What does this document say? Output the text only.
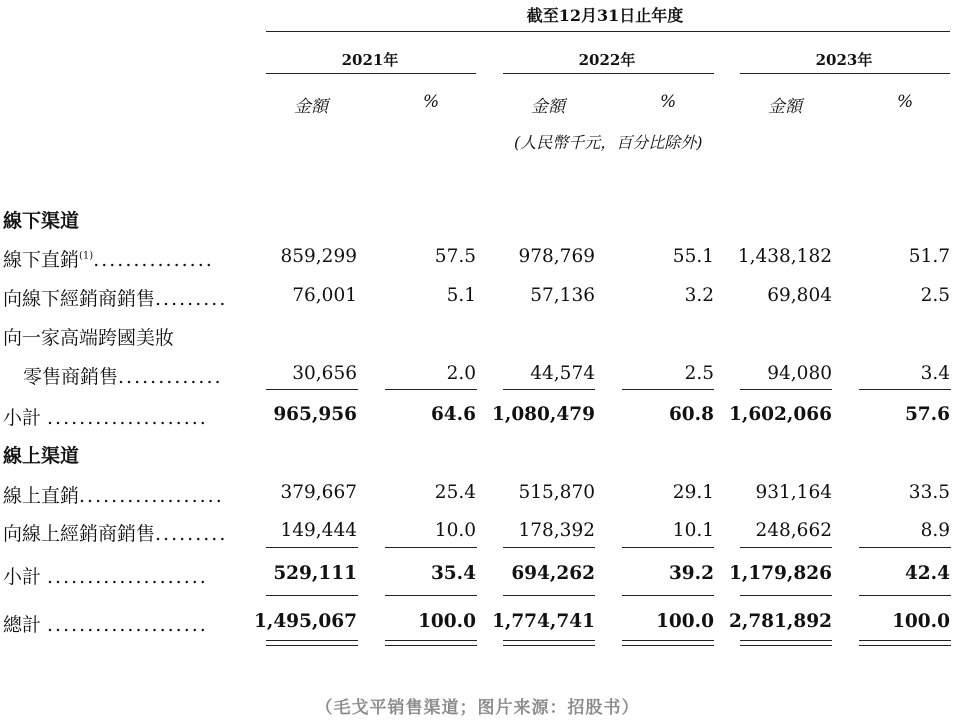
截至12月31日止年度
2021年	2022年	2023年
金額	%	金額	%	金額	%
(人民幣千元，百分比除外)
線下渠道
線下直銷$^{(1)}$...............	859,299	57.5 978,769	55.1 1,438,182	51.7
向線下經銷商銷售.........	76,001	5.1	57,136	3.2	69,804	2.5
向一家高端跨國美妝
零售商銷售.............	30,656	2.0	44,574	2.5	94,080	3.4
小計 ....................	965,956	64.6 1,080,479	60.8 1,602,066	57.6
線上渠道
線上直銷..................	379,667	25.4 515,870	29.1 931,164	33.5
向線上經銷商銷售.........	149,444	10.0 178,392	10.1 248,662	8.9
小計 ....................	529,111	35.4 694,262	39.2 1,179,826	42.4
總計 .................... 1,495,067	100.0 1,774,741	100.0 2,781,892	100.0
（毛戈平销售渠道；图片来源：招股书）
